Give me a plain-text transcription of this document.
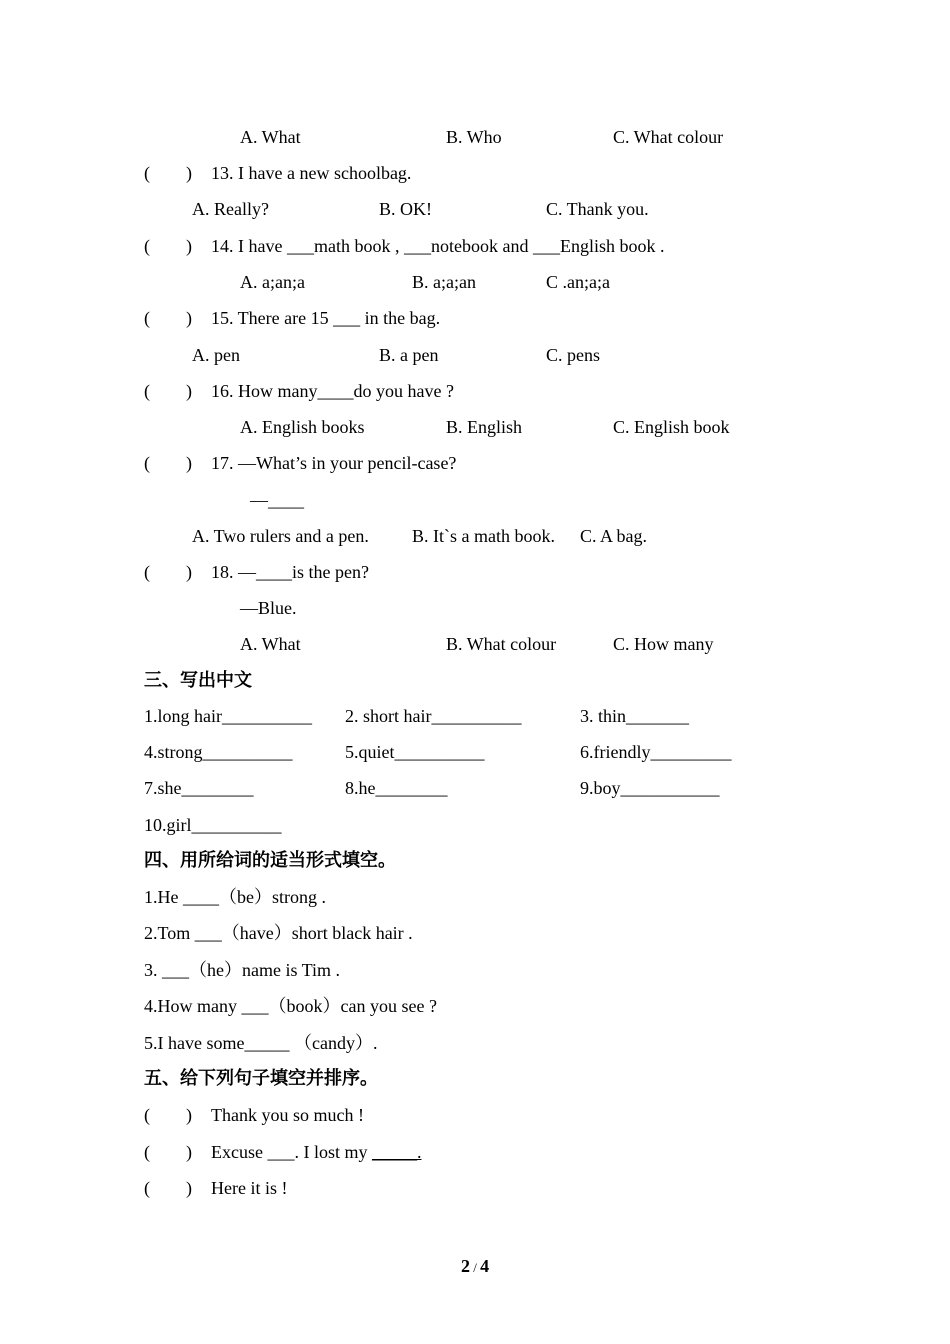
A. What	B. Who	C. What colour
(　　) 13. I have a new schoolbag.
A. Really?	B. OK!	C. Thank you.
(　　) 14. I have ___math book , ___notebook and ___English book .
A. a;an;a	B. a;a;an	C .an;a;a
(　　) 15. There are 15 ___ in the bag.
A. pen	B. a pen	C. pens
(　　) 16. How many____do you have ?
A. English books	B. English	C. English book
(　　) 17. —What’s in your pencil-case?
—____
A. Two rulers and a pen. B. It`s a math book. C. A bag.
(　　) 18. —____is the pen?
—Blue.
A. What	B. What colour	C. How many
三、写出中文
1.long hair__________ 2. short hair__________	3. thin_______
4.strong__________	5.quiet__________	6.friendly_________
7.she________	8.he________	9.boy___________
10.girl__________
四、用所给词的适当形式填空。
1.He ____（be）strong .
2.Tom ___（have）short black hair .
3. ___（he）name is Tim .
4.How many ___（book）can you see ?
5.I have some_____ （candy）.
五、给下列句子填空并排序。
(　　) Thank you so much !
(　　) Excuse ___. I lost my _____.
(　　) Here it is !
2 / 4
